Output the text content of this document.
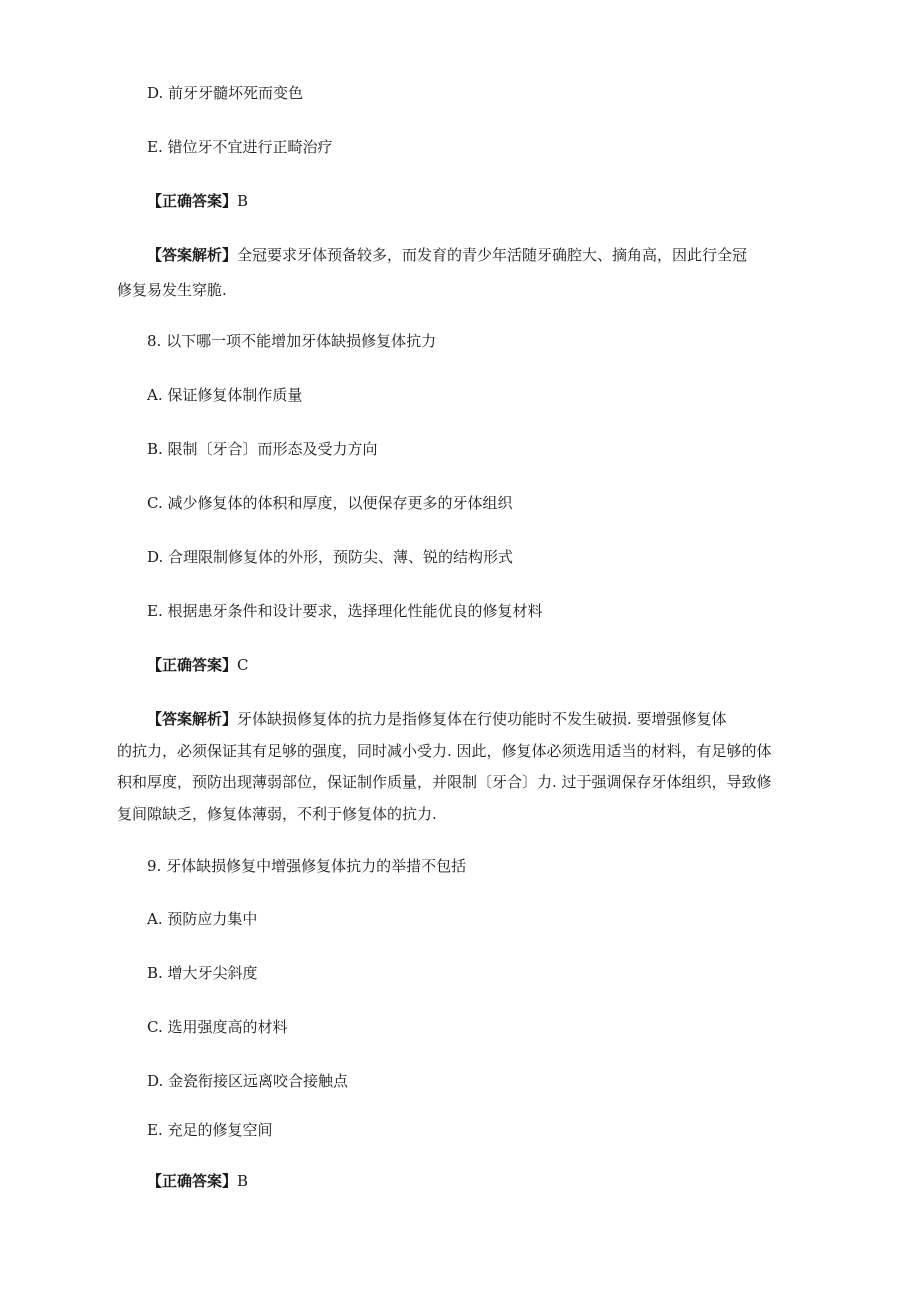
D. 前牙牙髓坏死而变色
E. 错位牙不宜进行正畸治疗
【正确答案】B
【答案解析】全冠要求牙体预备较多，而发育的青少年活随牙确腔大、摘角高，因此行全冠
修复易发生穿脆.
8. 以下哪一项不能增加牙体缺损修复体抗力
A. 保证修复体制作质量
B. 限制〔牙合〕而形态及受力方向
C. 减少修复体的体积和厚度，以便保存更多的牙体组织
D. 合理限制修复体的外形，预防尖、薄、锐的结构形式
E. 根据患牙条件和设计要求，选择理化性能优良的修复材料
【正确答案】C
【答案解析】牙体缺损修复体的抗力是指修复体在行使功能时不发生破损. 要增强修复体
的抗力，必须保证其有足够的强度，同时减小受力. 因此，修复体必须选用适当的材料，有足够的体
积和厚度，预防出现薄弱部位，保证制作质量，并限制〔牙合〕力. 过于强调保存牙体组织，导致修
复间隙缺乏，修复体薄弱，不利于修复体的抗力.
9. 牙体缺损修复中增强修复体抗力的举措不包括
A. 预防应力集中
B. 增大牙尖斜度
C. 选用强度高的材料
D. 金瓷衔接区远离咬合接触点
E. 充足的修复空间
【正确答案】B
